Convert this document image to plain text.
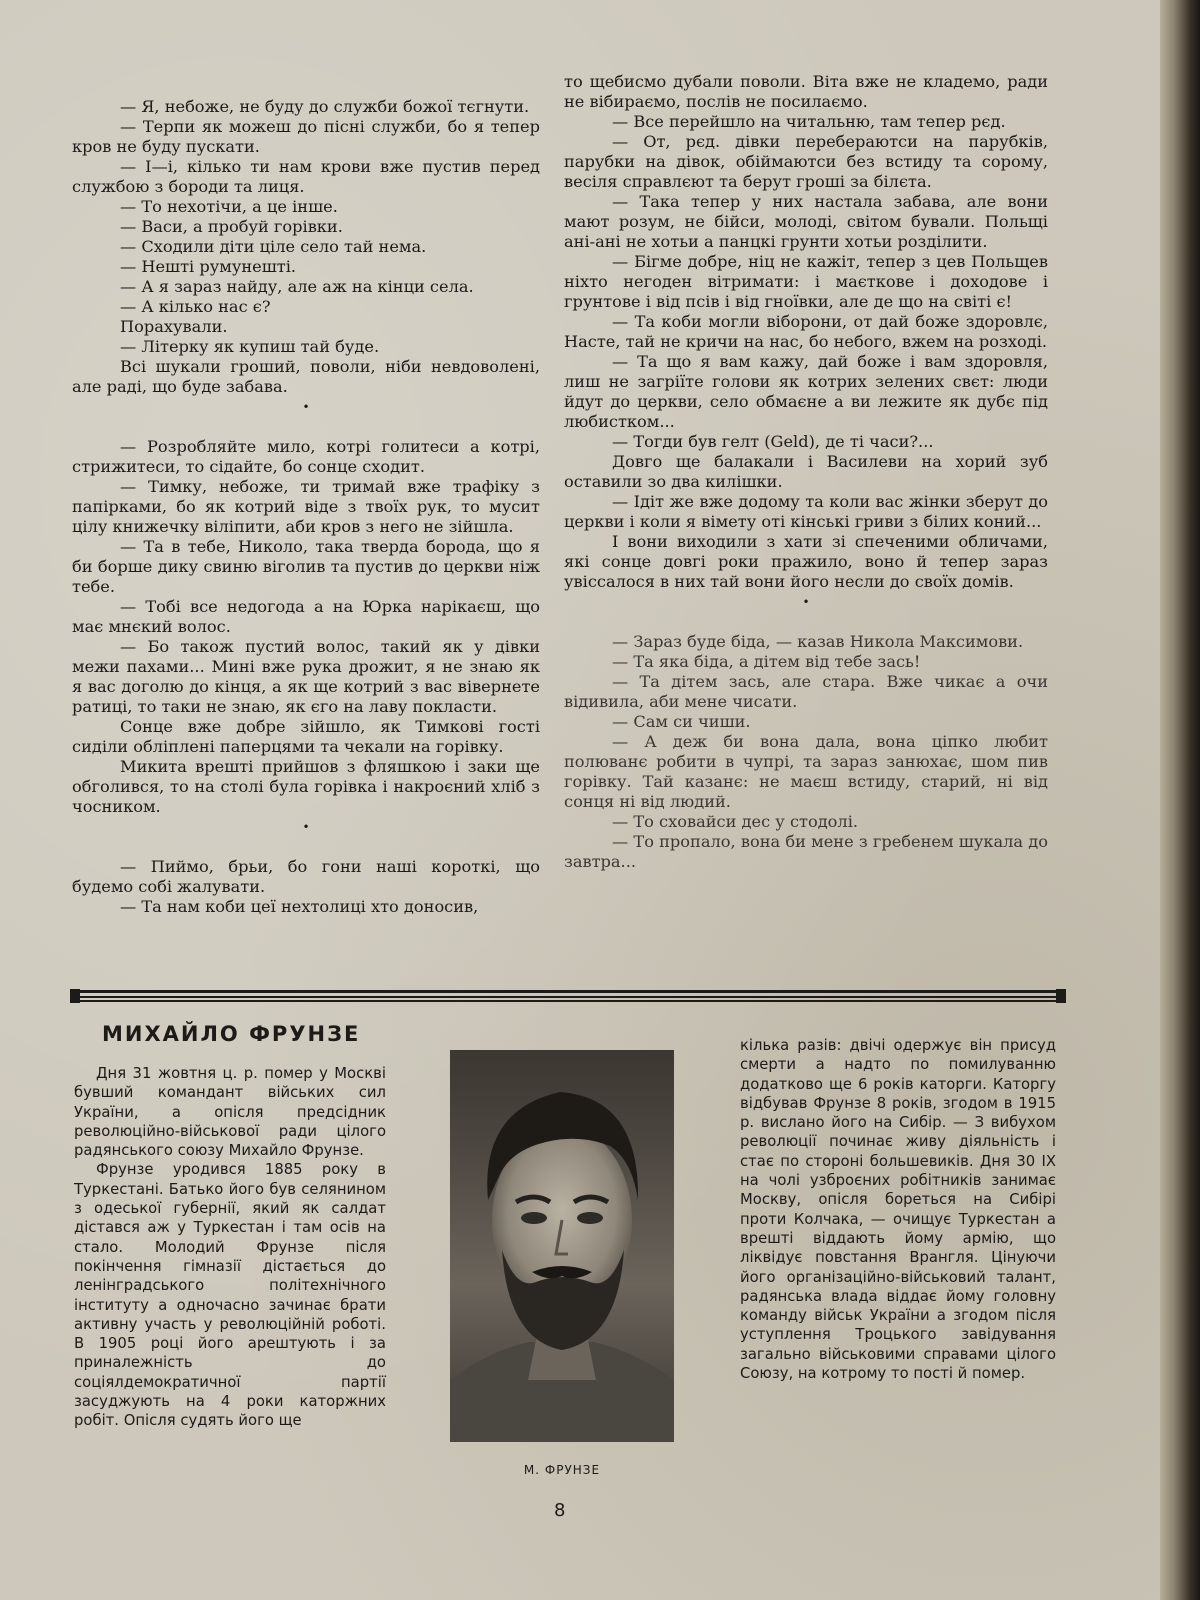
— Я, небоже, не буду до служби божої тєгнути.

— Терпи як можеш до пісні служби, бо я тепер кров не буду пускати.

— І—і, кілько ти нам крови вже пустив перед службою з бороди та лиця.

— То нехотічи, а це інше.

— Васи, а пробуй горівки.

— Сходили діти ціле село тай нема.

— Нешті румунешті.

— А я зараз найду, але аж на кінци села.

— А кілько нас є?

Порахували.

— Літерку як купиш тай буде.

Всі шукали гроший, поволи, ніби невдоволені, але раді, що буде забава.

•

— Розробляйте мило, котрі голитеси а котрі, стрижитеси, то сідайте, бо сонце сходит.

— Тимку, небоже, ти тримай вже трафіку з папірками, бо як котрий віде з твоїх рук, то мусит цілу книжечку віліпити, аби кров з него не зійшла.

— Та в тебе, Николо, така тверда борода, що я би борше дику свиню віголив та пустив до церкви ніж тебе.

— Тобі все недогода а на Юрка нарікаєш, що має мнєкий волос.

— Бо також пустий волос, такий як у дівки межи пахами... Мині вже рука дрожит, я не знаю як я вас доголю до кінця, а як ще котрий з вас вівернете ратиці, то таки не знаю, як єго на лаву покласти.

Сонце вже добре зійшло, як Тимкові гості сиділи обліплені паперцями та чекали на горівку.

Микита врешті прийшов з фляшкою і заки ще обголився, то на столі була горівка і накроєний хліб з чосником.

•

— Пиймо, брьи, бо гони наші короткі, що будемо собі жалувати.

— Та нам коби цеї нехтолиці хто доносив,

то щебисмо дубали поволи. Віта вже не кладемо, ради не вібираємо, послів не посилаємо.

— Все перейшло на читальню, там тепер рєд.

— От, рєд. дівки перебераютси на парубків, парубки на дівок, обіймаютси без встиду та сорому, весіля справлєют та берут гроші за білєта.

— Така тепер у них настала забава, але вони мают розум, не бійси, молоді, світом бували. Польщі ані-ані не хотьи а панцкі грунти хотьи розділити.

— Бігме добре, ніц не кажіт, тепер з цев Польщев ніхто негоден вітримати: і маєткове і доходове і грунтове і від псів і від гноївки, але де що на світі є!

— Та коби могли віборони, от дай боже здоровлє, Насте, тай не кричи на нас, бо небого, вжем на розході.

— Та що я вам кажу, дай боже і вам здоровля, лиш не загріїте голови як котрих зелених свєт: люди йдут до церкви, село обмаєне а ви лежите як дубє під любистком...

— Тогди був гелт (Geld), де ті часи?...

Довго ще балакали і Василеви на хорий зуб оставили зо два килішки.

— Ідіт же вже додому та коли вас жінки зберут до церкви і коли я вімету оті кінські гриви з білих коний...

І вони виходили з хати зі спеченими обличами, які сонце довгі роки пражило, воно й тепер зараз увіссалося в них тай вони його несли до своїх домів.

•

— Зараз буде біда, — казав Никола Максимови.

— Та яка біда, а дітем від тебе зась!

— Та дітем зась, але стара. Вже чикає а очи відивила, аби мене чисати.

— Сам си чиши.

— А деж би вона дала, вона ціпко любит полюванє робити в чупрі, та зараз занюхає, шом пив горівку. Тай казанє: не маєш встиду, старий, ні від сонця ні від людий.

— То сховайси дес у стодолі.

— То пропало, вона би мене з гребенем шукала до завтра...

МИХАЙЛО ФРУНЗЕ

Дня 31 жовтня ц. р. помер у Москві бувший командант війських сил України, а опісля предсідник революційно-військової ради цілого радянського союзу Михайло Фрунзе.

Фрунзе уродився 1885 року в Туркестані. Батько його був селянином з одеської губернії, який як салдат дістався аж у Туркестан і там осів на стало. Молодий Фрунзе після покінчення гімназії дістається до ленінградського політехнічного інституту а одночасно зачинає брати активну участь у революційній роботі. В 1905 році його арештують і за приналежність до соціялдемократичної партії засуджують на 4 роки каторжних робіт. Опісля судять його ще

М. ФРУНЗЕ

кілька разів: двічі одержує він присуд смерти а надто по помилуванню додатково ще 6 років каторги. Каторгу відбував Фрунзе 8 років, згодом в 1915 р. вислано його на Сибір. — З вибухом революції починає живу діяльність і стає по стороні большевиків. Дня 30 IX на чолі узброєних робітників занимає Москву, опісля бореться на Сибірі проти Колчака, — очищує Туркестан а врешті віддають йому армію, що ліквідує повстання Врангля. Цінуючи його організаційно-військовий талант, радянська влада віддає йому головну команду військ України а згодом після уступлення Троцького завідування загально військовими справами цілого Союзу, на котрому то пості й помер.

8
